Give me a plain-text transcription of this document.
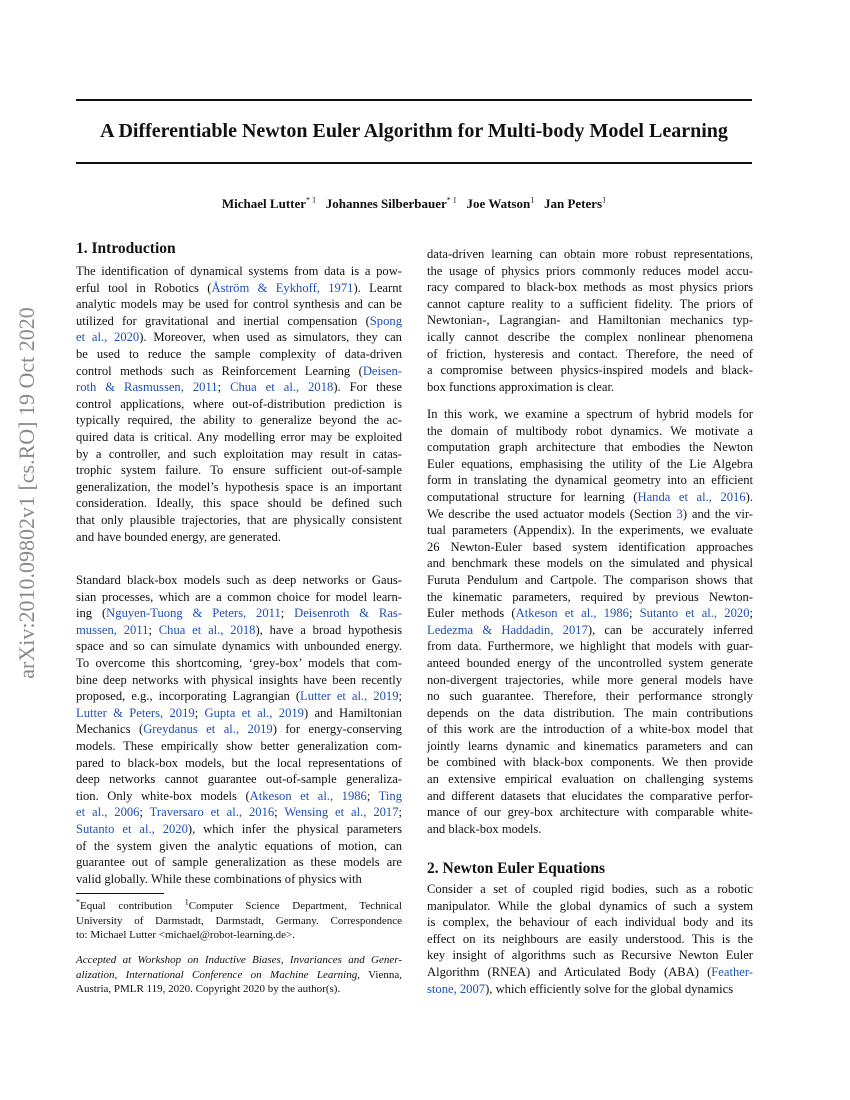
arXiv:2010.09802v1 [cs.RO] 19 Oct 2020
A Differentiable Newton Euler Algorithm for Multi-body Model Learning
Michael Lutter$^{* 1}$ Johannes Silberbauer$^{* 1}$ Joe Watson$^1$ Jan Peters$^1$
1. Introduction
The identification of dynamical systems from data is a pow-
erful tool in Robotics (Åström & Eykhoff, 1971). Learnt
analytic models may be used for control synthesis and can be
utilized for gravitational and inertial compensation (Spong
et al., 2020). Moreover, when used as simulators, they can
be used to reduce the sample complexity of data-driven
control methods such as Reinforcement Learning (Deisen-
roth & Rasmussen, 2011; Chua et al., 2018). For these
control applications, where out-of-distribution prediction is
typically required, the ability to generalize beyond the ac-
quired data is critical. Any modelling error may be exploited
by a controller, and such exploitation may result in catas-
trophic system failure. To ensure sufficient out-of-sample
generalization, the model’s hypothesis space is an important
consideration. Ideally, this space should be defined such
that only plausible trajectories, that are physically consistent
and have bounded energy, are generated.
Standard black-box models such as deep networks or Gaus-
sian processes, which are a common choice for model learn-
ing (Nguyen-Tuong & Peters, 2011; Deisenroth & Ras-
mussen, 2011; Chua et al., 2018), have a broad hypothesis
space and so can simulate dynamics with unbounded energy.
To overcome this shortcoming, ‘grey-box’ models that com-
bine deep networks with physical insights have been recently
proposed, e.g., incorporating Lagrangian (Lutter et al., 2019;
Lutter & Peters, 2019; Gupta et al., 2019) and Hamiltonian
Mechanics (Greydanus et al., 2019) for energy-conserving
models. These empirically show better generalization com-
pared to black-box models, but the local representations of
deep networks cannot guarantee out-of-sample generaliza-
tion. Only white-box models (Atkeson et al., 1986; Ting
et al., 2006; Traversaro et al., 2016; Wensing et al., 2017;
Sutanto et al., 2020), which infer the physical parameters
of the system given the analytic equations of motion, can
guarantee out of sample generalization as these models are
valid globally. While these combinations of physics with
*Equal contribution $^1$Computer Science Department, Technical
University of Darmstadt, Darmstadt, Germany. Correspondence
to: Michael Lutter <michael@robot-learning.de>.
Accepted at Workshop on Inductive Biases, Invariances and Gener-
alization, International Conference on Machine Learning, Vienna,
Austria, PMLR 119, 2020. Copyright 2020 by the author(s).
data-driven learning can obtain more robust representations,
the usage of physics priors commonly reduces model accu-
racy compared to black-box methods as most physics priors
cannot capture reality to a sufficient fidelity. The priors of
Newtonian-, Lagrangian- and Hamiltonian mechanics typ-
ically cannot describe the complex nonlinear phenomena
of friction, hysteresis and contact. Therefore, the need of
a compromise between physics-inspired models and black-
box functions approximation is clear.
In this work, we examine a spectrum of hybrid models for
the domain of multibody robot dynamics. We motivate a
computation graph architecture that embodies the Newton
Euler equations, emphasising the utility of the Lie Algebra
form in translating the dynamical geometry into an efficient
computational structure for learning (Handa et al., 2016).
We describe the used actuator models (Section 3) and the vir-
tual parameters (Appendix). In the experiments, we evaluate
26 Newton-Euler based system identification approaches
and benchmark these models on the simulated and physical
Furuta Pendulum and Cartpole. The comparison shows that
the kinematic parameters, required by previous Newton-
Euler methods (Atkeson et al., 1986; Sutanto et al., 2020;
Ledezma & Haddadin, 2017), can be accurately inferred
from data. Furthermore, we highlight that models with guar-
anteed bounded energy of the uncontrolled system generate
non-divergent trajectories, while more general models have
no such guarantee. Therefore, their performance strongly
depends on the data distribution. The main contributions
of this work are the introduction of a white-box model that
jointly learns dynamic and kinematics parameters and can
be combined with black-box components. We then provide
an extensive empirical evaluation on challenging systems
and different datasets that elucidates the comparative perfor-
mance of our grey-box architecture with comparable white-
and black-box models.
2. Newton Euler Equations
Consider a set of coupled rigid bodies, such as a robotic
manipulator. While the global dynamics of such a system
is complex, the behaviour of each individual body and its
effect on its neighbours are easily understood. This is the
key insight of algorithms such as Recursive Newton Euler
Algorithm (RNEA) and Articulated Body (ABA) (Feather-
stone, 2007), which efficiently solve for the global dynamics
